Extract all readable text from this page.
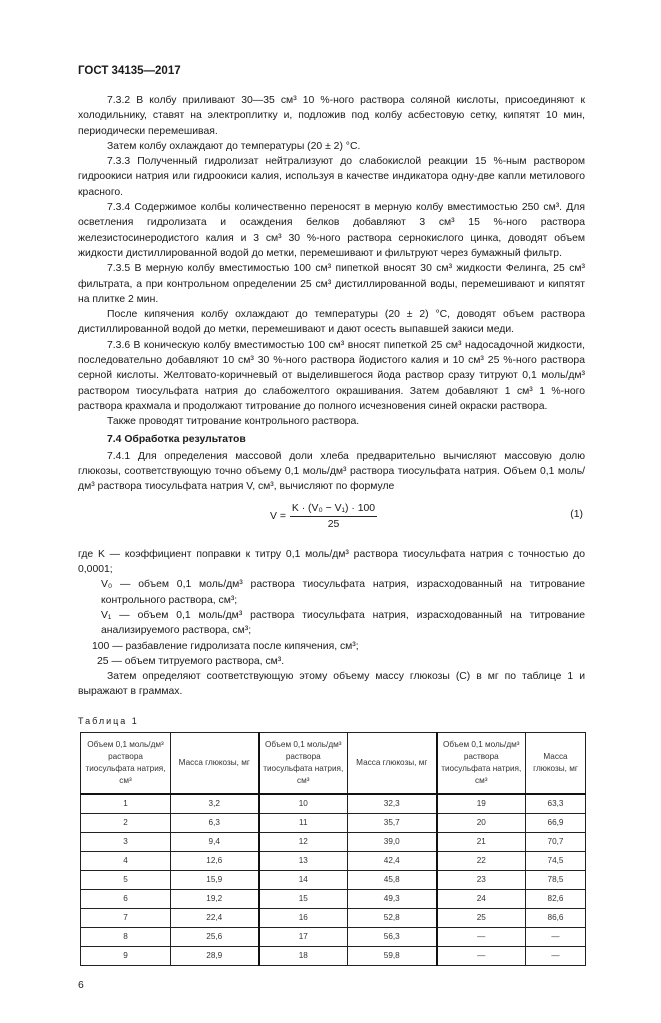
ГОСТ 34135—2017

7.3.2 В колбу приливают 30—35 см³ 10 %-ного раствора соляной кислоты, присоединяют к холодильнику, ставят на электроплитку и, подложив под колбу асбестовую сетку, кипятят 10 мин, периодически перемешивая.

Затем колбу охлаждают до температуры (20 ± 2) °С.

7.3.3 Полученный гидролизат нейтрализуют до слабокислой реакции 15 %-ным раствором гидроокиси натрия или гидроокиси калия, используя в качестве индикатора одну-две капли метилового красного.

7.3.4 Содержимое колбы количественно переносят в мерную колбу вместимостью 250 см³. Для осветления гидролизата и осаждения белков добавляют 3 см³ 15 %-ного раствора железистосинеродистого калия и 3 см³ 30 %-ного раствора сернокислого цинка, доводят объем жидкости дистиллированной водой до метки, перемешивают и фильтруют через бумажный фильтр.

7.3.5 В мерную колбу вместимостью 100 см³ пипеткой вносят 30 см³ жидкости Фелинга, 25 см³ фильтрата, а при контрольном определении 25 см³ дистиллированной воды, перемешивают и кипятят на плитке 2 мин.

После кипячения колбу охлаждают до температуры (20 ± 2) °С, доводят объем раствора дистиллированной водой до метки, перемешивают и дают осесть выпавшей закиси меди.

7.3.6 В коническую колбу вместимостью 100 см³ вносят пипеткой 25 см³ надосадочной жидкости, последовательно добавляют 10 см³ 30 %-ного раствора йодистого калия и 10 см³ 25 %-ного раствора серной кислоты. Желтовато-коричневый от выделившегося йода раствор сразу титруют 0,1 моль/дм³ раствором тиосульфата натрия до слабожелтого окрашивания. Затем добавляют 1 см³ 1 %-ного раствора крахмала и продолжают титрование до полного исчезновения синей окраски раствора.

Также проводят титрование контрольного раствора.

7.4 Обработка результатов

7.4.1 Для определения массовой доли хлеба предварительно вычисляют массовую долю глюкозы, соответствующую точно объему 0,1 моль/дм³ раствора тиосульфата натрия. Объем 0,1 моль/дм³ раствора тиосульфата натрия V, см³, вычисляют по формуле

$V = \frac{\text{K · (V₀ − V₁) · 100}}{25}$	(1)

где K — коэффициент поправки к титру 0,1 моль/дм³ раствора тиосульфата натрия с точностью до 0,0001;

V₀ — объем 0,1 моль/дм³ раствора тиосульфата натрия, израсходованный на титрование контрольного раствора, см³;

V₁ — объем 0,1 моль/дм³ раствора тиосульфата натрия, израсходованный на титрование анализируемого раствора, см³;

100 — разбавление гидролизата после кипячения, см³;

25 — объем титруемого раствора, см³.

Затем определяют соответствующую этому объему массу глюкозы (С) в мг по таблице 1 и выражают в граммах.

Таблица 1
Объем 0,1 моль/дм³ раствора тиосульфата натрия, см³	Масса глюкозы, мг	Объем 0,1 моль/дм³ раствора тиосульфата натрия, см³	Масса глюкозы, мг	Объем 0,1 моль/дм³ раствора тиосульфата натрия, см³	Масса глюкозы, мг
1	3,2	10	32,3	19	63,3
2	6,3	11	35,7	20	66,9
3	9,4	12	39,0	21	70,7
4	12,6	13	42,4	22	74,5
5	15,9	14	45,8	23	78,5
6	19,2	15	49,3	24	82,6
7	22,4	16	52,8	25	86,6
8	25,6	17	56,3	—	—
9	28,9	18	59,8	—	—
6
